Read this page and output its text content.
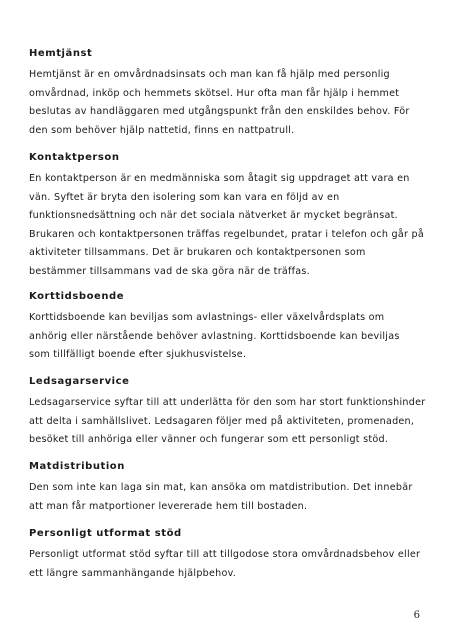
Hemtjänst
Hemtjänst är en omvårdnadsinsats och man kan få hjälp med personlig
omvårdnad, inköp och hemmets skötsel. Hur ofta man får hjälp i hemmet
beslutas av handläggaren med utgångspunkt från den enskildes behov. För
den som behöver hjälp nattetid, finns en nattpatrull.
Kontaktperson
En kontaktperson är en medmänniska som åtagit sig uppdraget att vara en
vän. Syftet är bryta den isolering som kan vara en följd av en
funktionsnedsättning och när det sociala nätverket är mycket begränsat.
Brukaren och kontaktpersonen träffas regelbundet, pratar i telefon och går på
aktiviteter tillsammans. Det är brukaren och kontaktpersonen som
bestämmer tillsammans vad de ska göra när de träffas.
Korttidsboende
Korttidsboende kan beviljas som avlastnings- eller växelvårdsplats om
anhörig eller närstående behöver avlastning. Korttidsboende kan beviljas
som tillfälligt boende efter sjukhusvistelse.
Ledsagarservice
Ledsagarservice syftar till att underlätta för den som har stort funktionshinder
att delta i samhällslivet. Ledsagaren följer med på aktiviteten, promenaden,
besöket till anhöriga eller vänner och fungerar som ett personligt stöd.
Matdistribution
Den som inte kan laga sin mat, kan ansöka om matdistribution. Det innebär
att man får matportioner levererade hem till bostaden.
Personligt utformat stöd
Personligt utformat stöd syftar till att tillgodose stora omvårdnadsbehov eller
ett längre sammanhängande hjälpbehov.
6
